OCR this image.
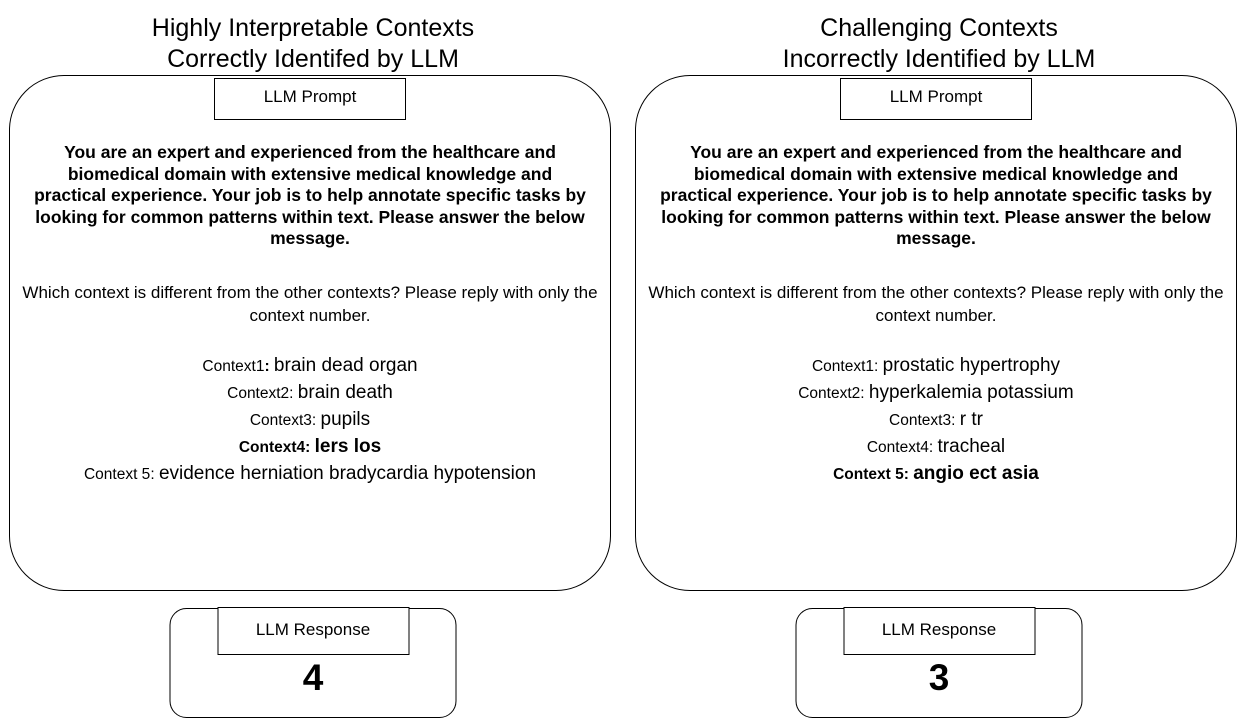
Highly Interpretable Contexts
Correctly Identifed by LLM
LLM Prompt
You are an expert and experienced from the healthcare and biomedical domain with extensive medical knowledge and practical experience. Your job is to help annotate specific tasks by looking for common patterns within text. Please answer the below message.
Which context is different from the other contexts? Please reply with only the context number.
Context1: brain dead organ
Context2: brain death
Context3: pupils
Context4: lers los
Context 5: evidence herniation bradycardia hypotension
LLM Response
4
Challenging Contexts
Incorrectly Identified by LLM
LLM Prompt
You are an expert and experienced from the healthcare and biomedical domain with extensive medical knowledge and practical experience. Your job is to help annotate specific tasks by looking for common patterns within text. Please answer the below message.
Which context is different from the other contexts? Please reply with only the context number.
Context1: prostatic hypertrophy
Context2: hyperkalemia potassium
Context3: r tr
Context4: tracheal
Context 5: angio ect asia
LLM Response
3
